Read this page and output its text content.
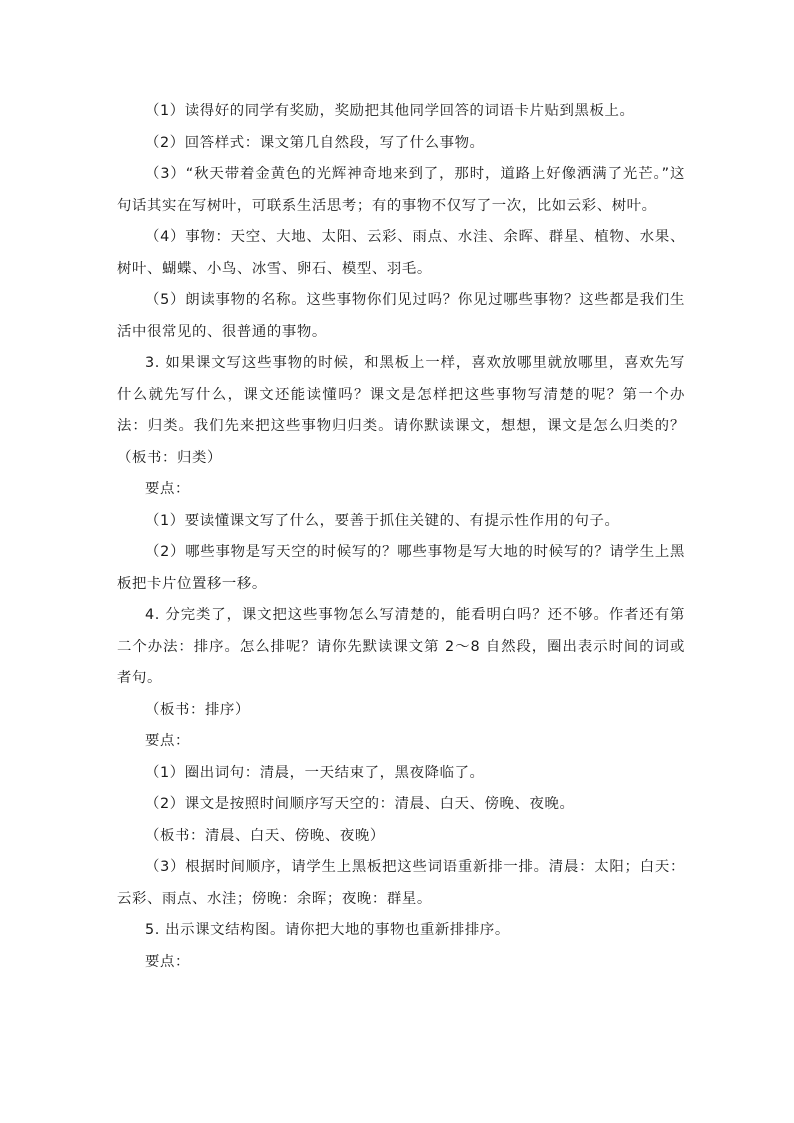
（1）读得好的同学有奖励，奖励把其他同学回答的词语卡片贴到黑板上。

（2）回答样式：课文第几自然段，写了什么事物。

（3）“秋天带着金黄色的光辉神奇地来到了，那时，道路上好像洒满了光芒。”这句话其实在写树叶，可联系生活思考；有的事物不仅写了一次，比如云彩、树叶。

（4）事物：天空、大地、太阳、云彩、雨点、水洼、余晖、群星、植物、水果、树叶、蝴蝶、小鸟、冰雪、卵石、模型、羽毛。

（5）朗读事物的名称。这些事物你们见过吗？你见过哪些事物？这些都是我们生活中很常见的、很普通的事物。

3. 如果课文写这些事物的时候，和黑板上一样，喜欢放哪里就放哪里，喜欢先写什么就先写什么，课文还能读懂吗？课文是怎样把这些事物写清楚的呢？第一个办法：归类。我们先来把这些事物归归类。请你默读课文，想想，课文是怎么归类的？（板书：归类）

要点：

（1）要读懂课文写了什么，要善于抓住关键的、有提示性作用的句子。

（2）哪些事物是写天空的时候写的？哪些事物是写大地的时候写的？请学生上黑板把卡片位置移一移。

4. 分完类了，课文把这些事物怎么写清楚的，能看明白吗？还不够。作者还有第二个办法：排序。怎么排呢？请你先默读课文第 2～8 自然段，圈出表示时间的词或者句。

（板书：排序）

要点：

（1）圈出词句：清晨，一天结束了，黑夜降临了。

（2）课文是按照时间顺序写天空的：清晨、白天、傍晚、夜晚。

（板书：清晨、白天、傍晚、夜晚）

（3）根据时间顺序，请学生上黑板把这些词语重新排一排。清晨：太阳；白天：云彩、雨点、水洼；傍晚：余晖；夜晚：群星。

5. 出示课文结构图。请你把大地的事物也重新排排序。

要点：
